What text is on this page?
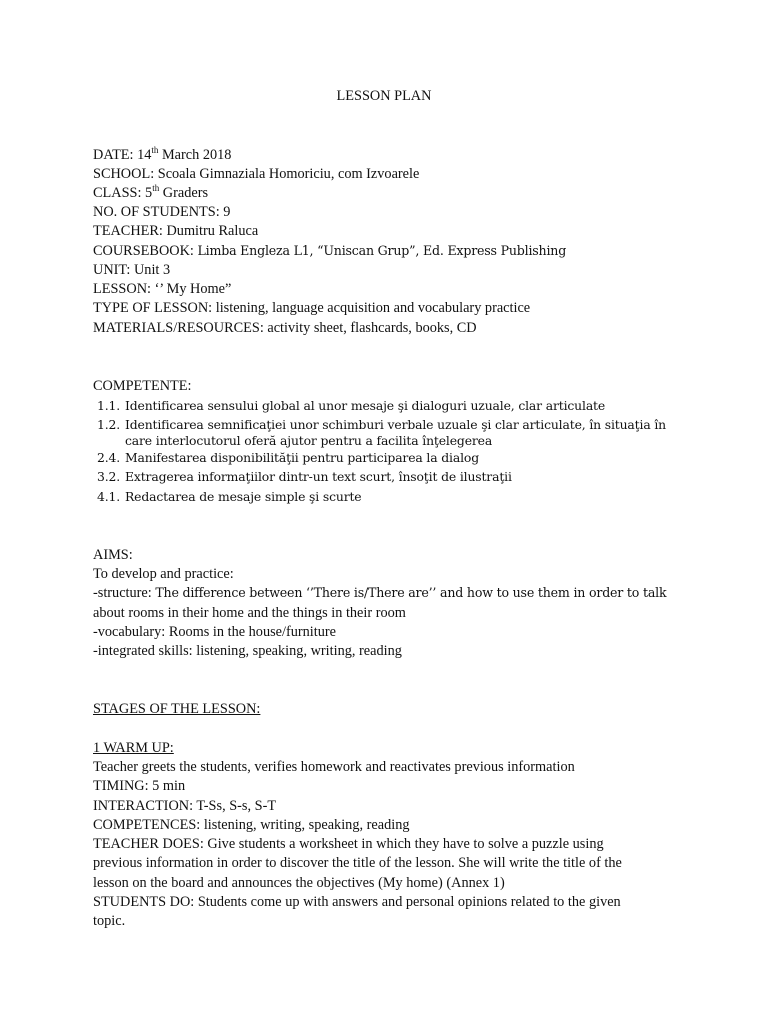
LESSON PLAN
DATE: 14th March 2018
SCHOOL: Scoala Gimnaziala Homoriciu, com Izvoarele
CLASS: 5th Graders
NO. OF STUDENTS: 9
TEACHER: Dumitru Raluca
COURSEBOOK: Limba Engleza L1, “Uniscan Grup”, Ed. Express Publishing
UNIT: Unit 3
LESSON: ‘’ My Home”
TYPE OF LESSON: listening, language acquisition and vocabulary practice
MATERIALS/RESOURCES: activity sheet, flashcards, books, CD
COMPETENTE:
1.1. Identificarea sensului global al unor mesaje şi dialoguri uzuale, clar articulate
1.2. Identificarea semnificaţiei unor schimburi verbale uzuale şi clar articulate, în situaţia în
care interlocutorul oferă ajutor pentru a facilita înţelegerea
2.4. Manifestarea disponibilităţii pentru participarea la dialog
3.2. Extragerea informaţiilor dintr-un text scurt, însoţit de ilustraţii
4.1. Redactarea de mesaje simple şi scurte
AIMS:
To develop and practice:
-structure: The difference between ‘’There is/There are’’ and how to use them in order to talk
about rooms in their home and the things in their room
-vocabulary: Rooms in the house/furniture
-integrated skills: listening, speaking, writing, reading
STAGES OF THE LESSON:
1 WARM UP:
Teacher greets the students, verifies homework and reactivates previous information
TIMING: 5 min
INTERACTION: T-Ss, S-s, S-T
COMPETENCES: listening, writing, speaking, reading
TEACHER DOES: Give students a worksheet in which they have to solve a puzzle using
previous information in order to discover the title of the lesson. She will write the title of the
lesson on the board and announces the objectives (My home) (Annex 1)
STUDENTS DO: Students come up with answers and personal opinions related to the given
topic.
